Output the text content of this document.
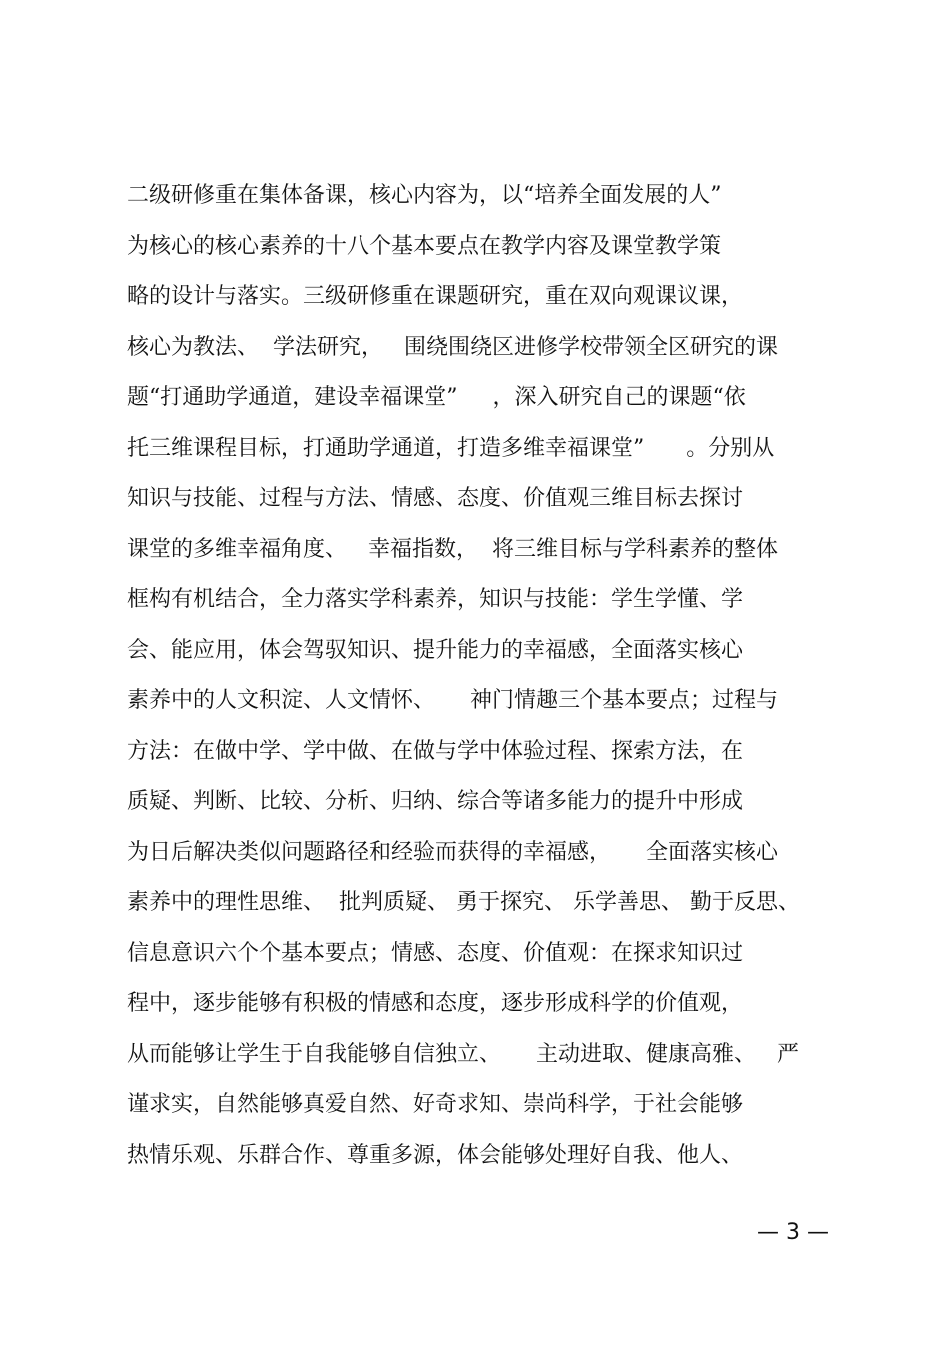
二级研修重在集体备课，核心内容为，以“培养全面发展的人”
为核心的核心素养的十八个基本要点在教学内容及课堂教学策
略的设计与落实。三级研修重在课题研究，重在双向观课议课，
核心为教法、  学法研究，   围绕围绕区进修学校带领全区研究的课
题“打通助学通道，建设幸福课堂”     ，深入研究自己的课题“依
托三维课程目标，打通助学通道，打造多维幸福课堂”      。分别从
知识与技能、过程与方法、情感、态度、价值观三维目标去探讨
课堂的多维幸福角度、   幸福指数，  将三维目标与学科素养的整体
框构有机结合，全力落实学科素养，知识与技能：学生学懂、学
会、能应用，体会驾驭知识、提升能力的幸福感，全面落实核心
素养中的人文积淀、人文情怀、     神门情趣三个基本要点；过程与
方法：在做中学、学中做、在做与学中体验过程、探索方法，在
质疑、判断、比较、分析、归纳、综合等诸多能力的提升中形成
为日后解决类似问题路径和经验而获得的幸福感，     全面落实核心
素养中的理性思维、  批判质疑、 勇于探究、 乐学善思、 勤于反思、
信息意识六个个基本要点；情感、态度、价值观：在探求知识过
程中，逐步能够有积极的情感和态度，逐步形成科学的价值观，
从而能够让学生于自我能够自信独立、     主动进取、健康高雅、   严
谨求实，自然能够真爱自然、好奇求知、崇尚科学，于社会能够
热情乐观、乐群合作、尊重多源，体会能够处理好自我、他人、
— 3 —
